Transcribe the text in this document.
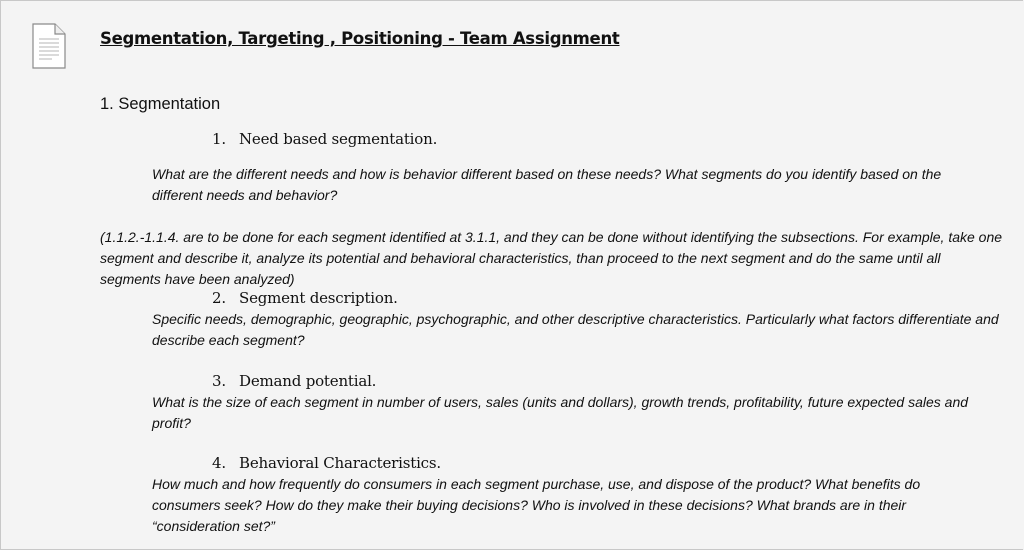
Segmentation, Targeting , Positioning - Team Assignment
1. Segmentation
1. Need based segmentation.
What are the different needs and how is behavior different based on these needs? What segments do you identify based on the different needs and behavior?
(1.1.2.-1.1.4. are to be done for each segment identified at 3.1.1, and they can be done without identifying the subsections. For example, take one segment and describe it, analyze its potential and behavioral characteristics, than proceed to the next segment and do the same until all segments have been analyzed)
2. Segment description.
Specific needs, demographic, geographic, psychographic, and other descriptive characteristics. Particularly what factors differentiate and describe each segment?
3. Demand potential.
What is the size of each segment in number of users, sales (units and dollars), growth trends, profitability, future expected sales and profit?
4. Behavioral Characteristics.
How much and how frequently do consumers in each segment purchase, use, and dispose of the product? What benefits do consumers seek? How do they make their buying decisions? Who is involved in these decisions? What brands are in their “consideration set?”
